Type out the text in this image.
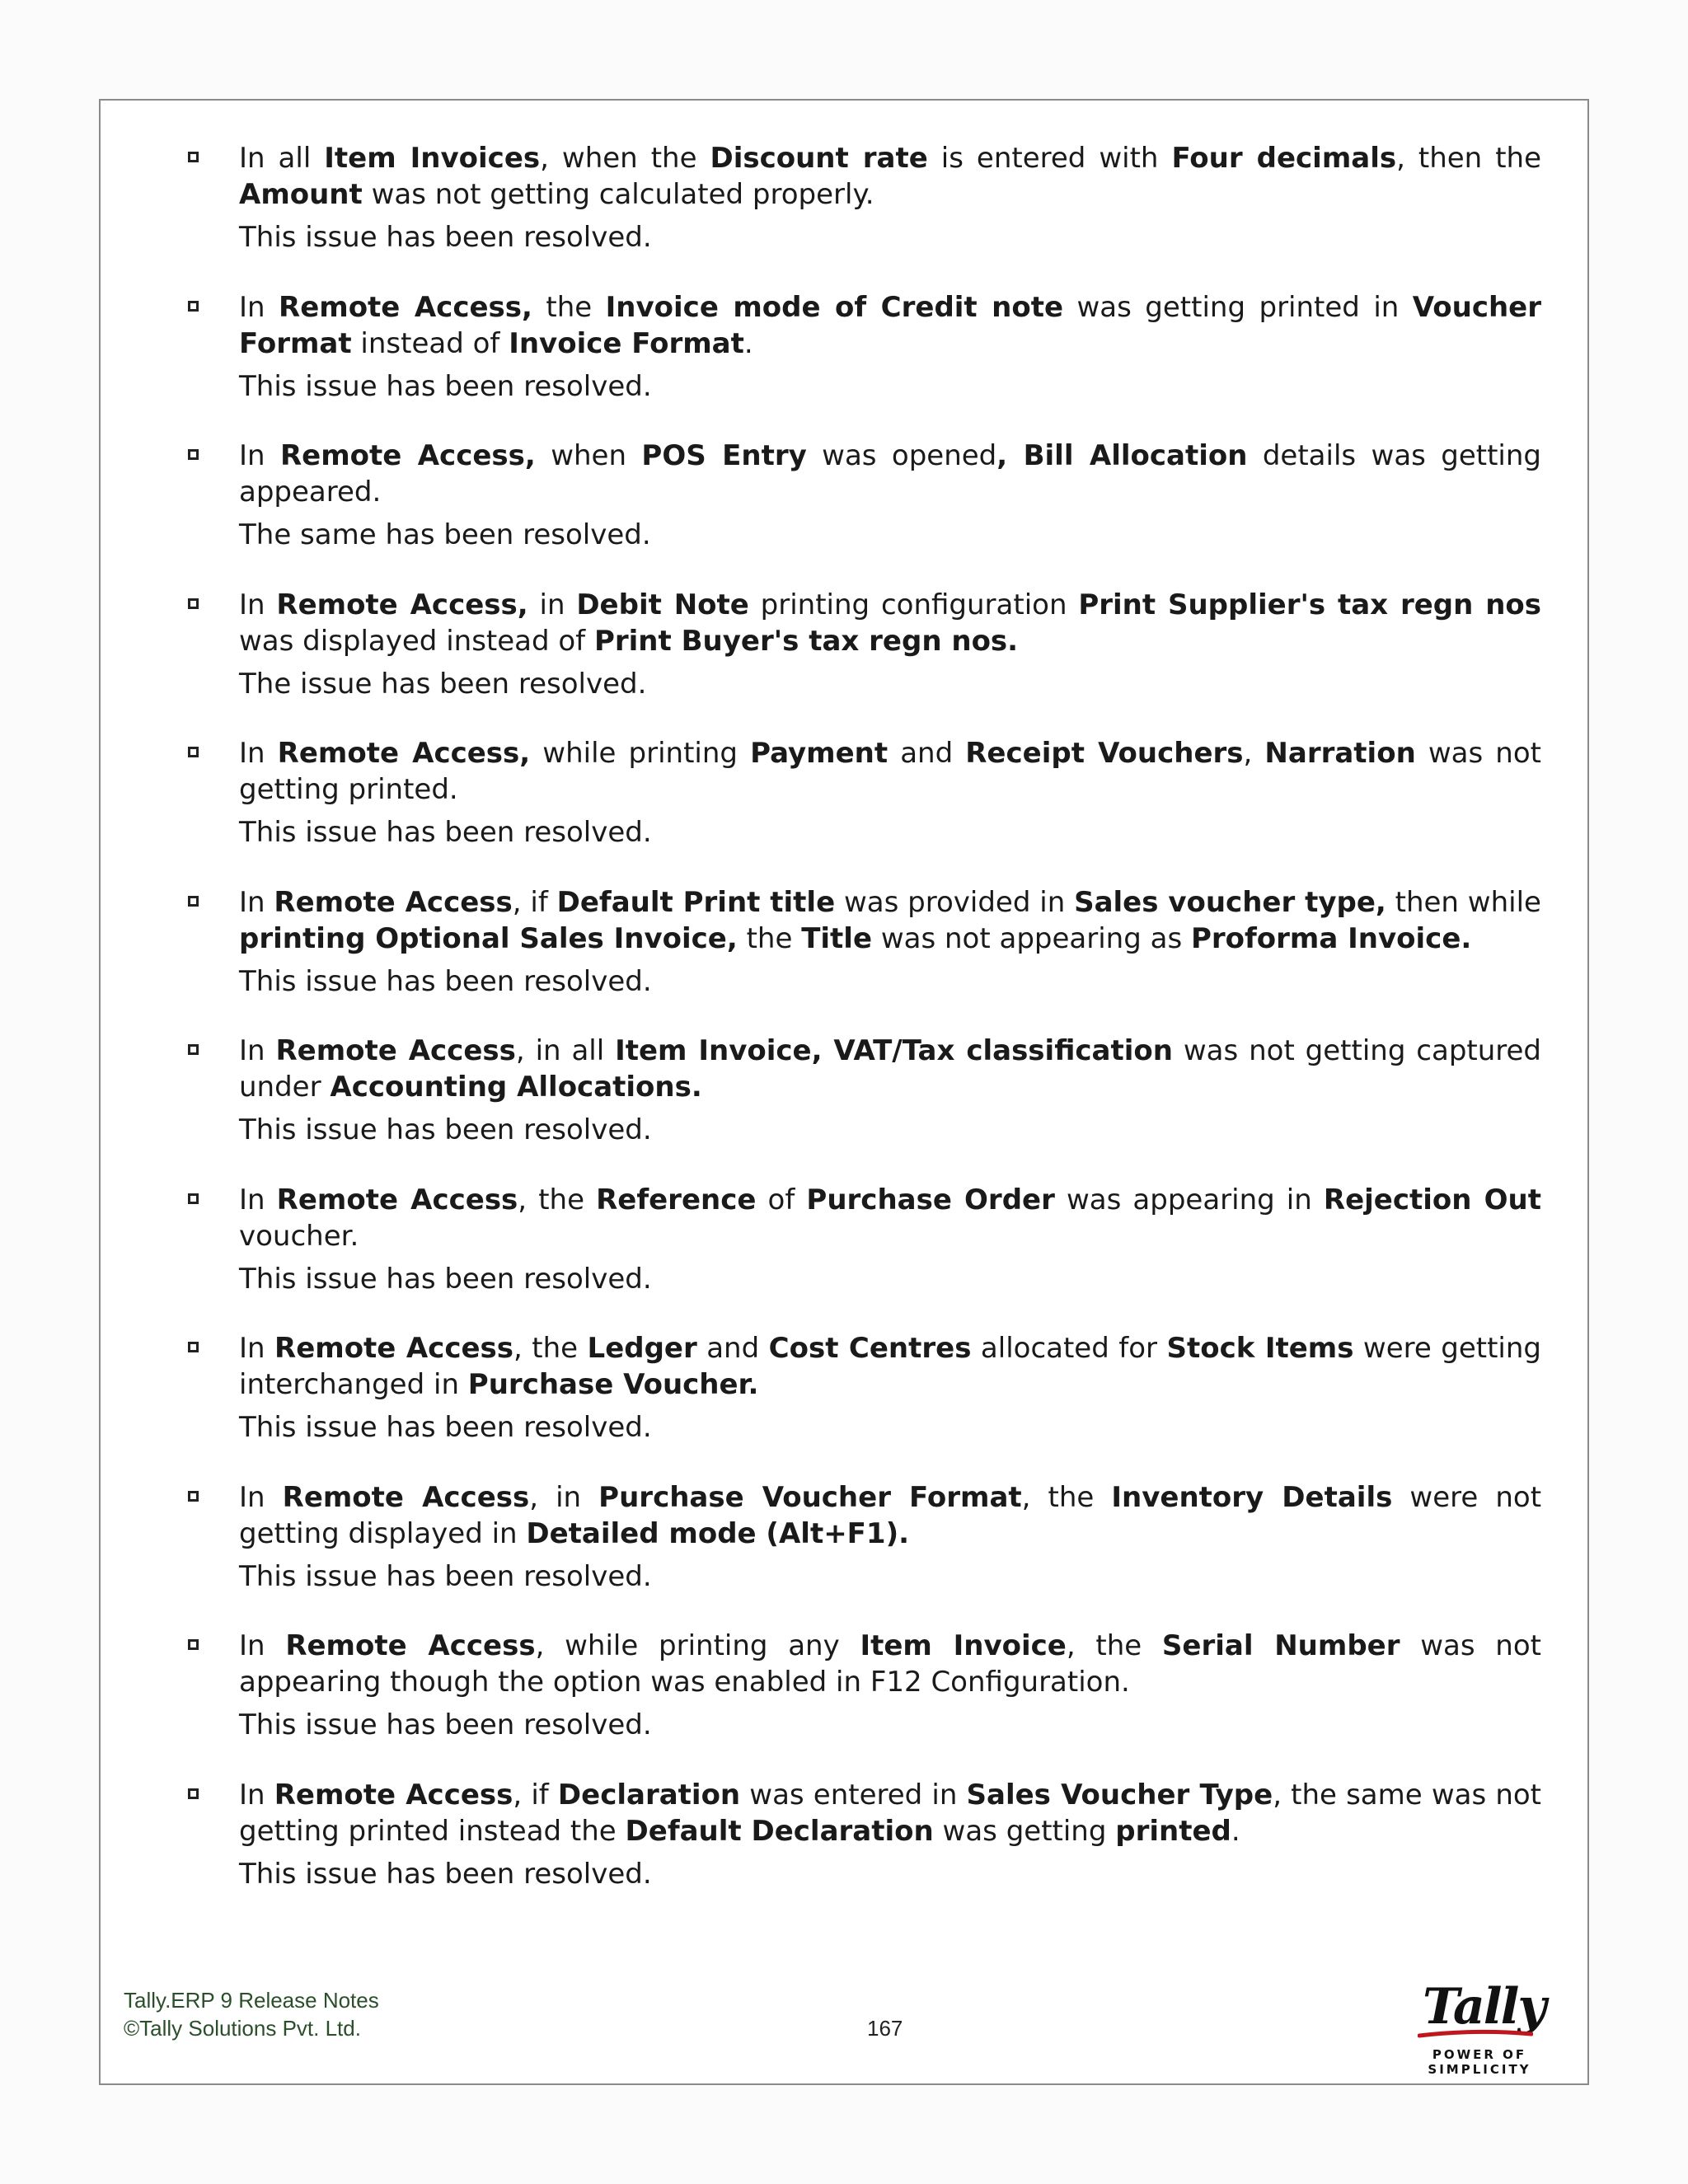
In all Item Invoices, when the Discount rate is entered with Four decimals, then the Amount was not getting calculated properly.

This issue has been resolved.

In Remote Access, the Invoice mode of Credit note was getting printed in Voucher Format instead of Invoice Format.

This issue has been resolved.

In Remote Access, when POS Entry was opened, Bill Allocation details was getting appeared.

The same has been resolved.

In Remote Access, in Debit Note printing configuration Print Supplier's tax regn nos was displayed instead of Print Buyer's tax regn nos.

The issue has been resolved.

In Remote Access, while printing Payment and Receipt Vouchers, Narration was not getting printed.

This issue has been resolved.

In Remote Access, if Default Print title was provided in Sales voucher type, then while printing Optional Sales Invoice, the Title was not appearing as Proforma Invoice.

This issue has been resolved.

In Remote Access, in all Item Invoice, VAT/Tax classification was not getting captured under Accounting Allocations.

This issue has been resolved.

In Remote Access, the Reference of Purchase Order was appearing in Rejection Out voucher.

This issue has been resolved.

In Remote Access, the Ledger and Cost Centres allocated for Stock Items were getting interchanged in Purchase Voucher.

This issue has been resolved.

In Remote Access, in Purchase Voucher Format, the Inventory Details were not getting displayed in Detailed mode (Alt+F1).

This issue has been resolved.

In Remote Access, while printing any Item Invoice, the Serial Number was not appearing though the option was enabled in F12 Configuration.

This issue has been resolved.

In Remote Access, if Declaration was entered in Sales Voucher Type, the same was not getting printed instead the Default Declaration was getting printed.

This issue has been resolved.

Tally.ERP 9 Release Notes
©Tally Solutions Pvt. Ltd.	167	Tally
POWER OF SIMPLICITY
